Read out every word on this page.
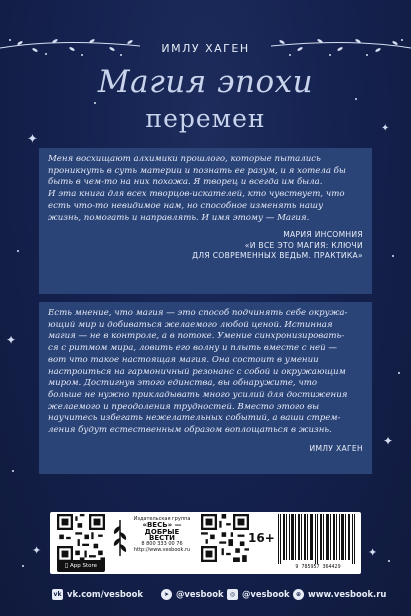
ИМЛУ ХАГЕН
Магия эпохи
перемен
✦
✦
✦
✦
✦	✦
Меня восхищают алхимики прошлого, которые пытались
проникнуть в суть материи и познать ее разум, и я хотела бы
быть в чем-то на них похожа. Я творец и всегда им была.
И эта книга для всех творцов-искателей, кто чувствует, что
есть что-то невидимое нам, но способное изменять нашу
жизнь, помогать и направлять. И имя этому — Магия.
МАРИЯ ИНСОМНИЯ
«И ВСЕ ЭТО МАГИЯ: КЛЮЧИ
ДЛЯ СОВРЕМЕННЫХ ВЕДЬМ. ПРАКТИКА»
Есть мнение, что магия — это способ подчинять себе окружа-
ющий мир и добиваться желаемого любой ценой. Истинная
магия — не в контроле, а в потоке. Умение синхронизировать-
ся с ритмом мира, ловить его волну и плыть вместе с ней —
вот что такое настоящая магия. Она состоит в умении
настроиться на гармоничный резонанс с собой и окружающим
миром. Достигнув этого единства, вы обнаружите, что
больше не нужно прикладывать много усилий для достижения
желаемого и преодоления трудностей. Вместо этого вы
научитесь избегать нежелательных событий, а ваши стрем-
ления будут естественным образом воплощаться в жизнь.
ИМЛУ ХАГЕН
App Store
Издательская группа
«ВЕСЬ» —
ДОБРЫЕ ВЕСТИ
8 800 333 00 76
http://www.vesbook.ru
16+
9 785957 364429
vk vk.com/vesbook	➤ @vesbook	◎ @vesbook	⊕ www.vesbook.ru
